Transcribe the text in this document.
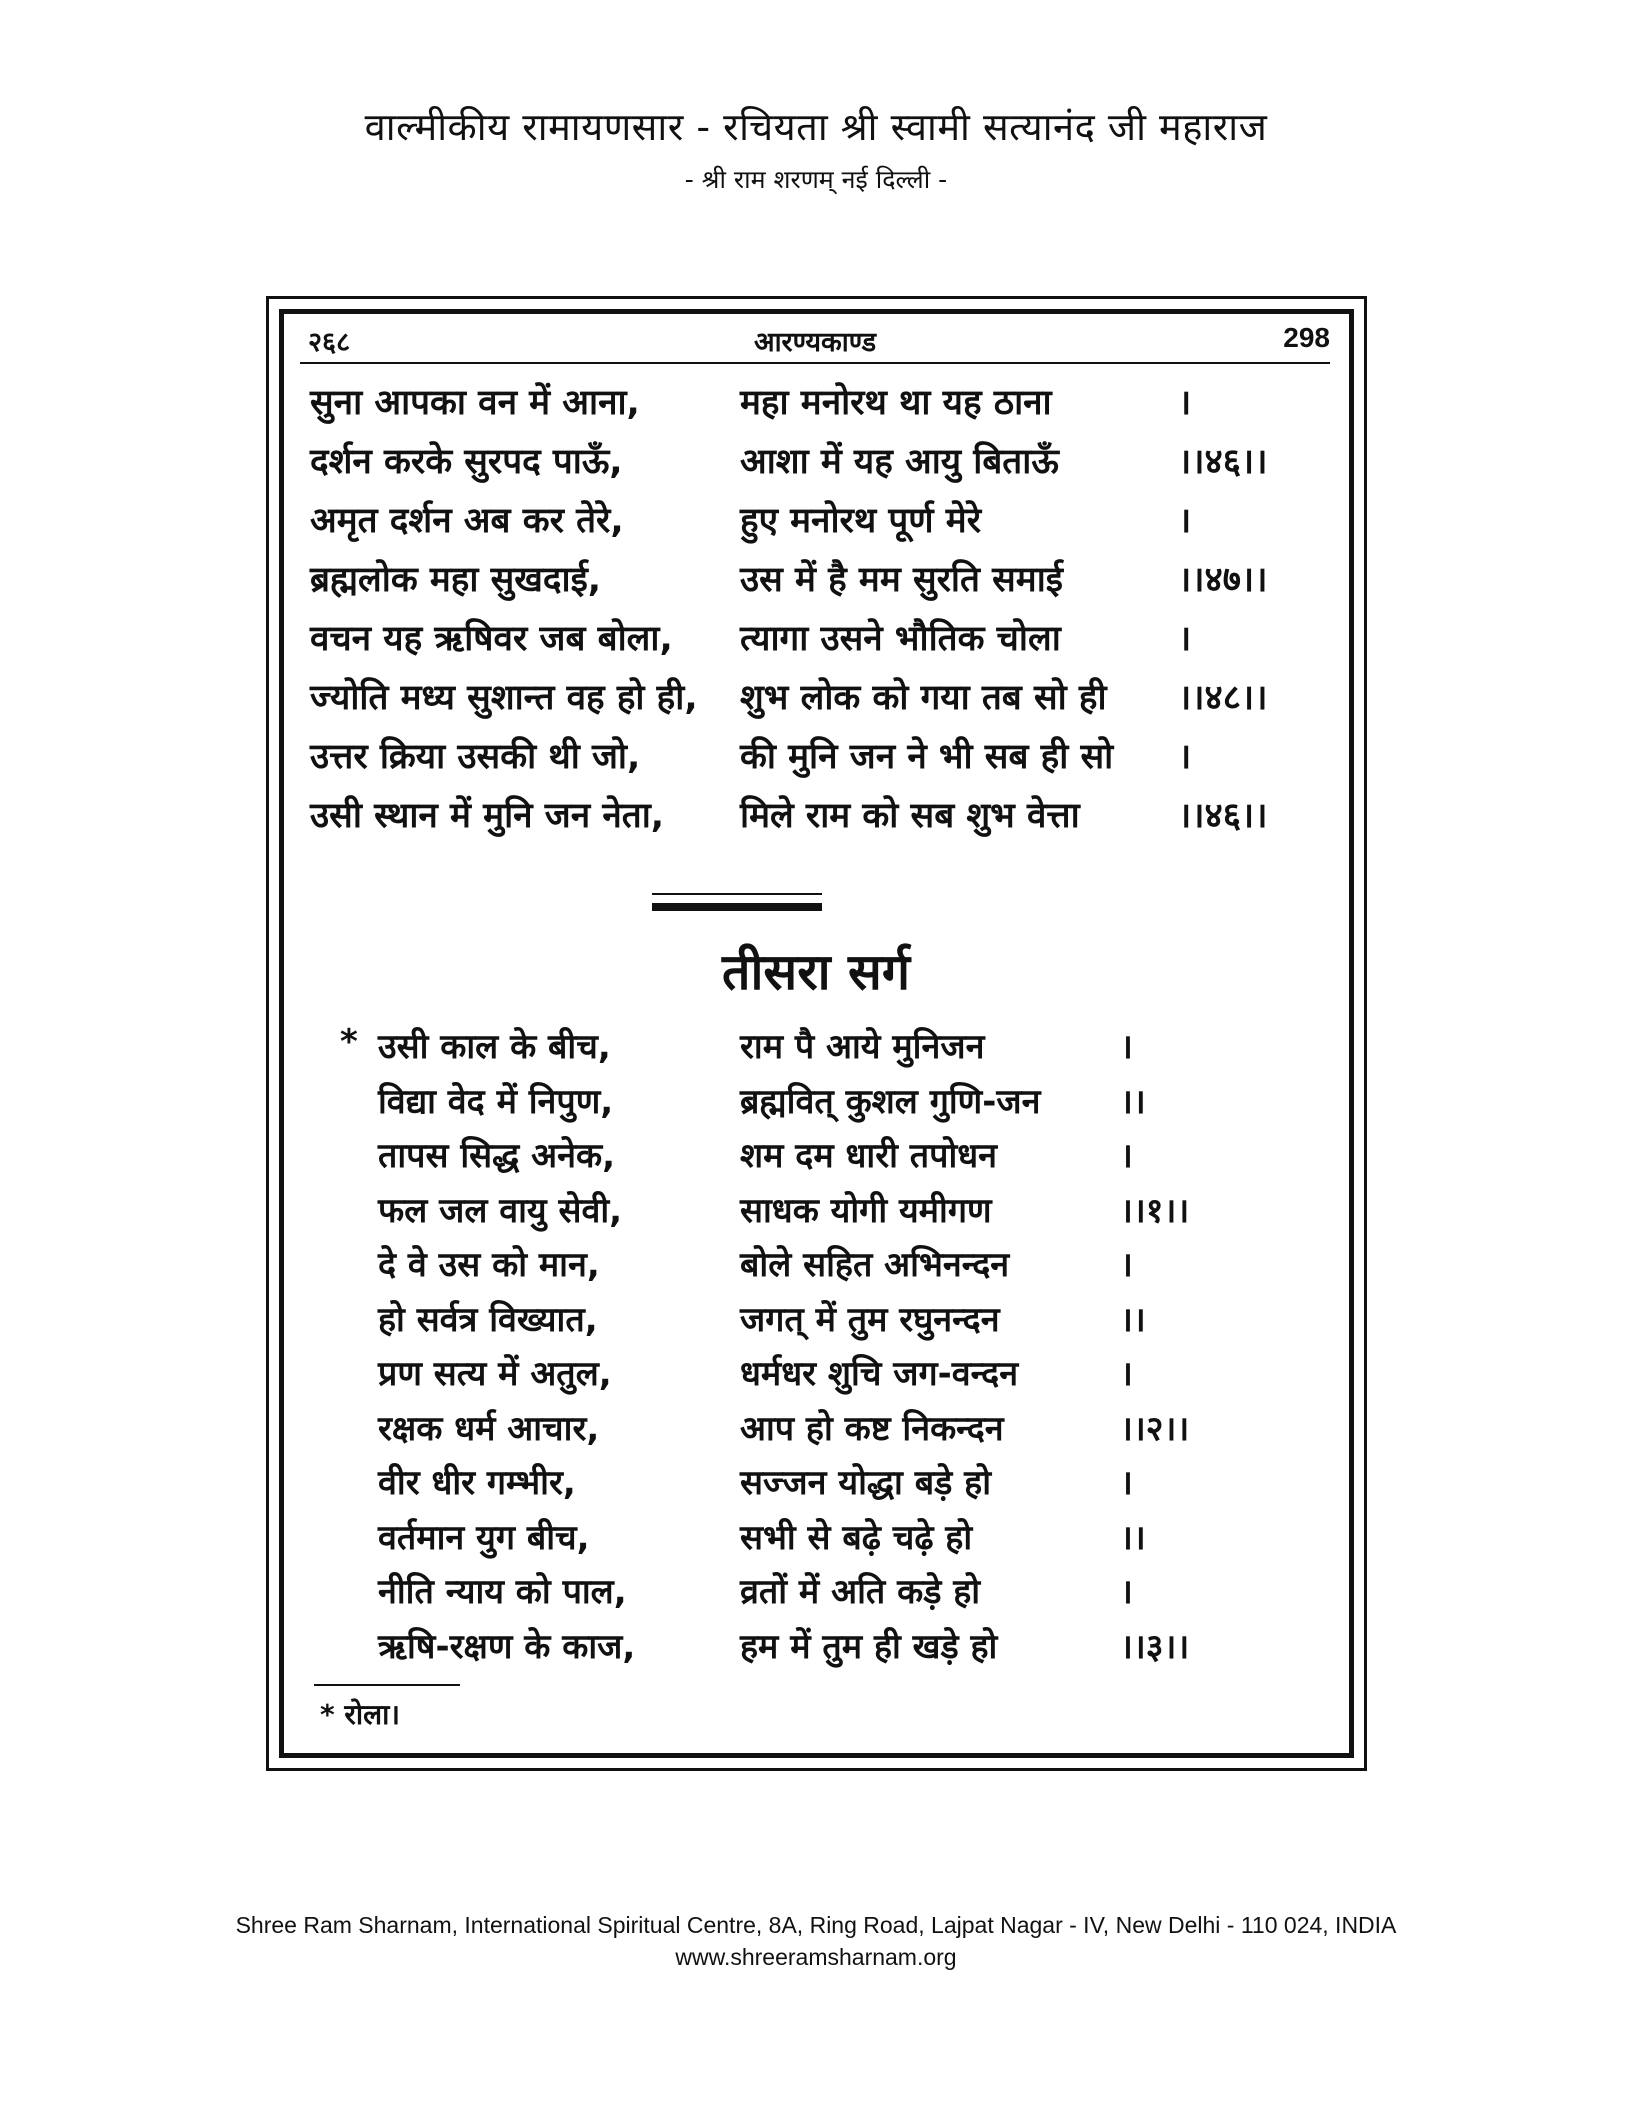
वाल्मीकीय रामायणसार - रचियता श्री स्वामी सत्यानंद जी महाराज
- श्री राम शरणम् नई दिल्ली -
आरण्यकाण्ड
२६८	298
सुना आपका वन में आना,	महा मनोरथ था यह ठाना	।
दर्शन करके सुरपद पाऊँ,	आशा में यह आयु बिताऊँ	।।४६।।
अमृत दर्शन अब कर तेरे,	हुए मनोरथ पूर्ण मेरे	।
ब्रह्मलोक महा सुखदाई,	उस में है मम सुरति समाई	।।४७।।
वचन यह ऋषिवर जब बोला, त्यागा उसने भौतिक चोला	।
ज्योति मध्य सुशान्त वह हो ही, शुभ लोक को गया तब सो ही ।।४८।।
उत्तर क्रिया उसकी थी जो,	की मुनि जन ने भी सब ही सो ।
उसी स्थान में मुनि जन नेता, मिले राम को सब शुभ वेत्ता	।।४६।।
तीसरा सर्ग
* उसी काल के बीच,	राम पै आये मुनिजन	।
विद्या वेद में निपुण,	ब्रह्मवित् कुशल गुणि-जन ।।
तापस सिद्ध अनेक,	शम दम धारी तपोधन	।
फल जल वायु सेवी,	साधक योगी यमीगण	।।१।।
दे वे उस को मान,	बोले सहित अभिनन्दन	।
हो सर्वत्र विख्यात,	जगत् में तुम रघुनन्दन	।।
प्रण सत्य में अतुल,	धर्मधर शुचि जग-वन्दन	।
रक्षक धर्म आचार,	आप हो कष्ट निकन्दन	।।२।।
वीर धीर गम्भीर,	सज्जन योद्धा बड़े हो	।
वर्तमान युग बीच,	सभी से बढ़े चढ़े हो	।।
नीति न्याय को पाल,	व्रतों में अति कड़े हो	।
ऋषि-रक्षण के काज,	हम में तुम ही खड़े हो	।।३।।
* रोला।
Shree Ram Sharnam, International Spiritual Centre, 8A, Ring Road, Lajpat Nagar - IV, New Delhi - 110 024, INDIA
www.shreeramsharnam.org
